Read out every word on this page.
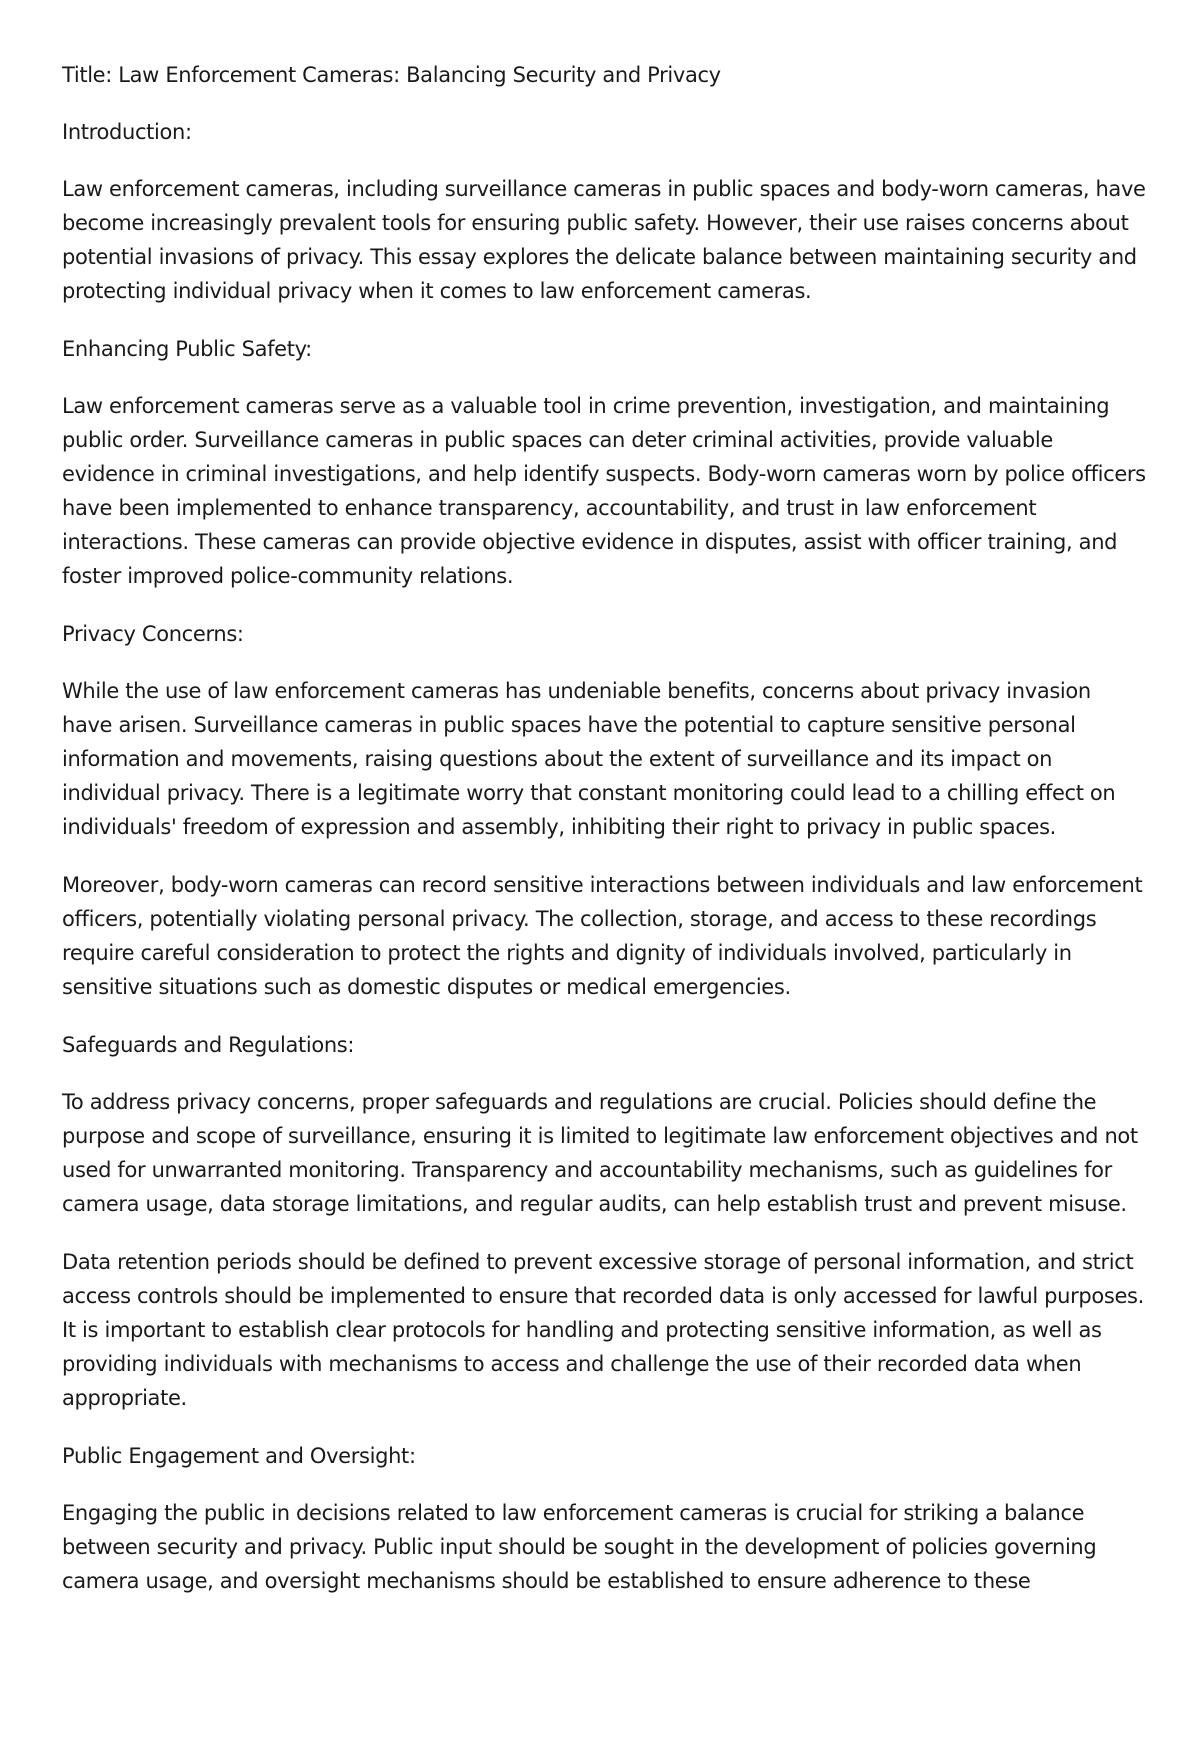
Title: Law Enforcement Cameras: Balancing Security and Privacy

Introduction:

Law enforcement cameras, including surveillance cameras in public spaces and body-worn cameras, have become increasingly prevalent tools for ensuring public safety. However, their use raises concerns about potential invasions of privacy. This essay explores the delicate balance between maintaining security and protecting individual privacy when it comes to law enforcement cameras.

Enhancing Public Safety:

Law enforcement cameras serve as a valuable tool in crime prevention, investigation, and maintaining public order. Surveillance cameras in public spaces can deter criminal activities, provide valuable evidence in criminal investigations, and help identify suspects. Body-worn cameras worn by police officers have been implemented to enhance transparency, accountability, and trust in law enforcement interactions. These cameras can provide objective evidence in disputes, assist with officer training, and foster improved police-community relations.

Privacy Concerns:

While the use of law enforcement cameras has undeniable benefits, concerns about privacy invasion have arisen. Surveillance cameras in public spaces have the potential to capture sensitive personal information and movements, raising questions about the extent of surveillance and its impact on individual privacy. There is a legitimate worry that constant monitoring could lead to a chilling effect on individuals' freedom of expression and assembly, inhibiting their right to privacy in public spaces.

Moreover, body-worn cameras can record sensitive interactions between individuals and law enforcement officers, potentially violating personal privacy. The collection, storage, and access to these recordings require careful consideration to protect the rights and dignity of individuals involved, particularly in sensitive situations such as domestic disputes or medical emergencies.

Safeguards and Regulations:

To address privacy concerns, proper safeguards and regulations are crucial. Policies should define the purpose and scope of surveillance, ensuring it is limited to legitimate law enforcement objectives and not used for unwarranted monitoring. Transparency and accountability mechanisms, such as guidelines for camera usage, data storage limitations, and regular audits, can help establish trust and prevent misuse.

Data retention periods should be defined to prevent excessive storage of personal information, and strict access controls should be implemented to ensure that recorded data is only accessed for lawful purposes. It is important to establish clear protocols for handling and protecting sensitive information, as well as providing individuals with mechanisms to access and challenge the use of their recorded data when appropriate.

Public Engagement and Oversight:

Engaging the public in decisions related to law enforcement cameras is crucial for striking a balance between security and privacy. Public input should be sought in the development of policies governing camera usage, and oversight mechanisms should be established to ensure adherence to these
